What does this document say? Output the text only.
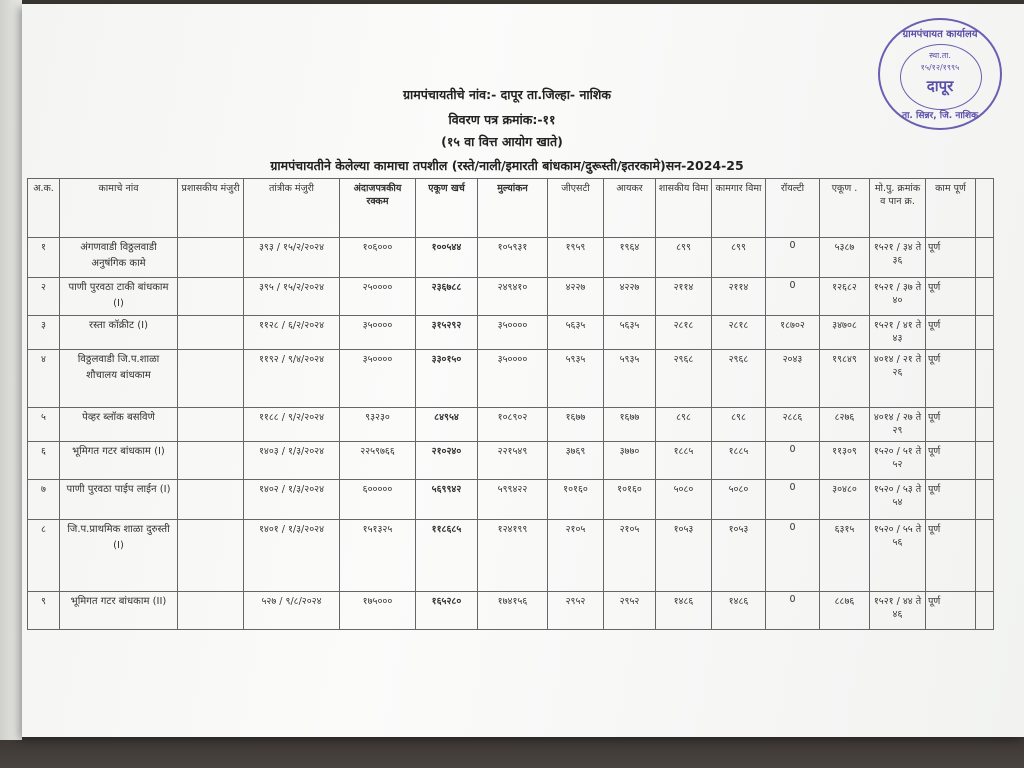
ग्रामपंचायतीचे नांव:- दापूर ता.जिल्हा- नाशिक
विवरण पत्र क्रमांक:-११
(१५ वा वित्त आयोग खाते)
ग्रामपंचायतीने केलेल्या कामाचा तपशील (रस्ते/नाली/इमारती बांधकाम/दुरूस्ती/इतरकामे)सन-2024-25
ग्रामपंचायत कार्यालय
स्था.ता.
१५/१२/१९९५
दापूर
ता. सिन्नर, जि. नाशिक
अ.क.	कामाचे नांव	प्रशासकीय मंजुरी	तांत्रीक मंजुरी	अंदाजपत्रकीय रक्कम	एकूण खर्च	मुल्यांकन	जीएसटी	आयकर	शासकीय विमा	कामगार विमा	रॉयल्टी	एकूण .	मो.पु. क्रमांक व पान क्र.	काम पूर्ण	
१	अंगणवाडी विठ्ठलवाडी अनुषंगिक कामे		३९३ / १५/२/२०२४	१०६०००	१००५४४	१०५९३१	१९५९	१९६४	८९९	८९९	0	५३८७	१५२१ / ३४ ते ३६	पूर्ण	
२	पाणी पुरवठा टाकी बांधकाम (I)		३९५ / १५/२/२०२४	२५००००	२३६७८८	२४९४१०	४२२७	४२२७	२११४	२११४	0	१२६८२	१५२१ / ३७ ते ४०	पूर्ण	
३	रस्ता कॉक्रीट (I)		११२८ / ६/२/२०२४	३५००००	३१५२९२	३५००००	५६३५	५६३५	२८१८	२८१८	१८७०२	३४७०८	१५२१ / ४१ ते ४३	पूर्ण	
४	विठ्ठलवाडी जि.प.शाळा शौचालय बांधकाम		११९२ / ९/४/२०२४	३५००००	३३०१५०	३५००००	५९३५	५९३५	२९६८	२९६८	२०४३	१९८४९	४०१४ / २१ ते २६	पूर्ण	
५	पेव्हर ब्लॉक बसविणे		११८८ / ९/२/२०२४	९३२३०	८४९५४	१०८९०२	१६७७	१६७७	८९८	८९८	२८८६	८२७६	४०१४ / २७ ते २९	पूर्ण	
६	भूमिगत गटर बांधकाम (I)		१४०३ / १/३/२०२४	२२५९७६६	२१०२४०	२२१५४९	३७६९	३७७०	१८८५	१८८५	0	११३०९	१५२० / ५१ ते ५२	पूर्ण	
७	पाणी पुरवठा पाईप लाईन (I)		१४०२ / १/३/२०२४	६०००००	५६९९४२	५९९४२२	१०१६०	१०१६०	५०८०	५०८०	0	३०४८०	१५२० / ५३ ते ५४	पूर्ण	
८	जि.प.प्राथमिक शाळा दुरुस्ती (I)		१४०१ / १/३/२०२४	१५१३२५	११८६८५	१२४१९९	२१०५	२१०५	१०५३	१०५३	0	६३१५	१५२० / ५५ ते ५६	पूर्ण	
९	भूमिगत गटर बांधकाम (II)		५२७ / ९/८/२०२४	१७५०००	१६५२८०	१७४१५६	२९५२	२९५२	१४८६	१४८६	0	८८७६	१५२१ / ४४ ते ४६	पूर्ण	
